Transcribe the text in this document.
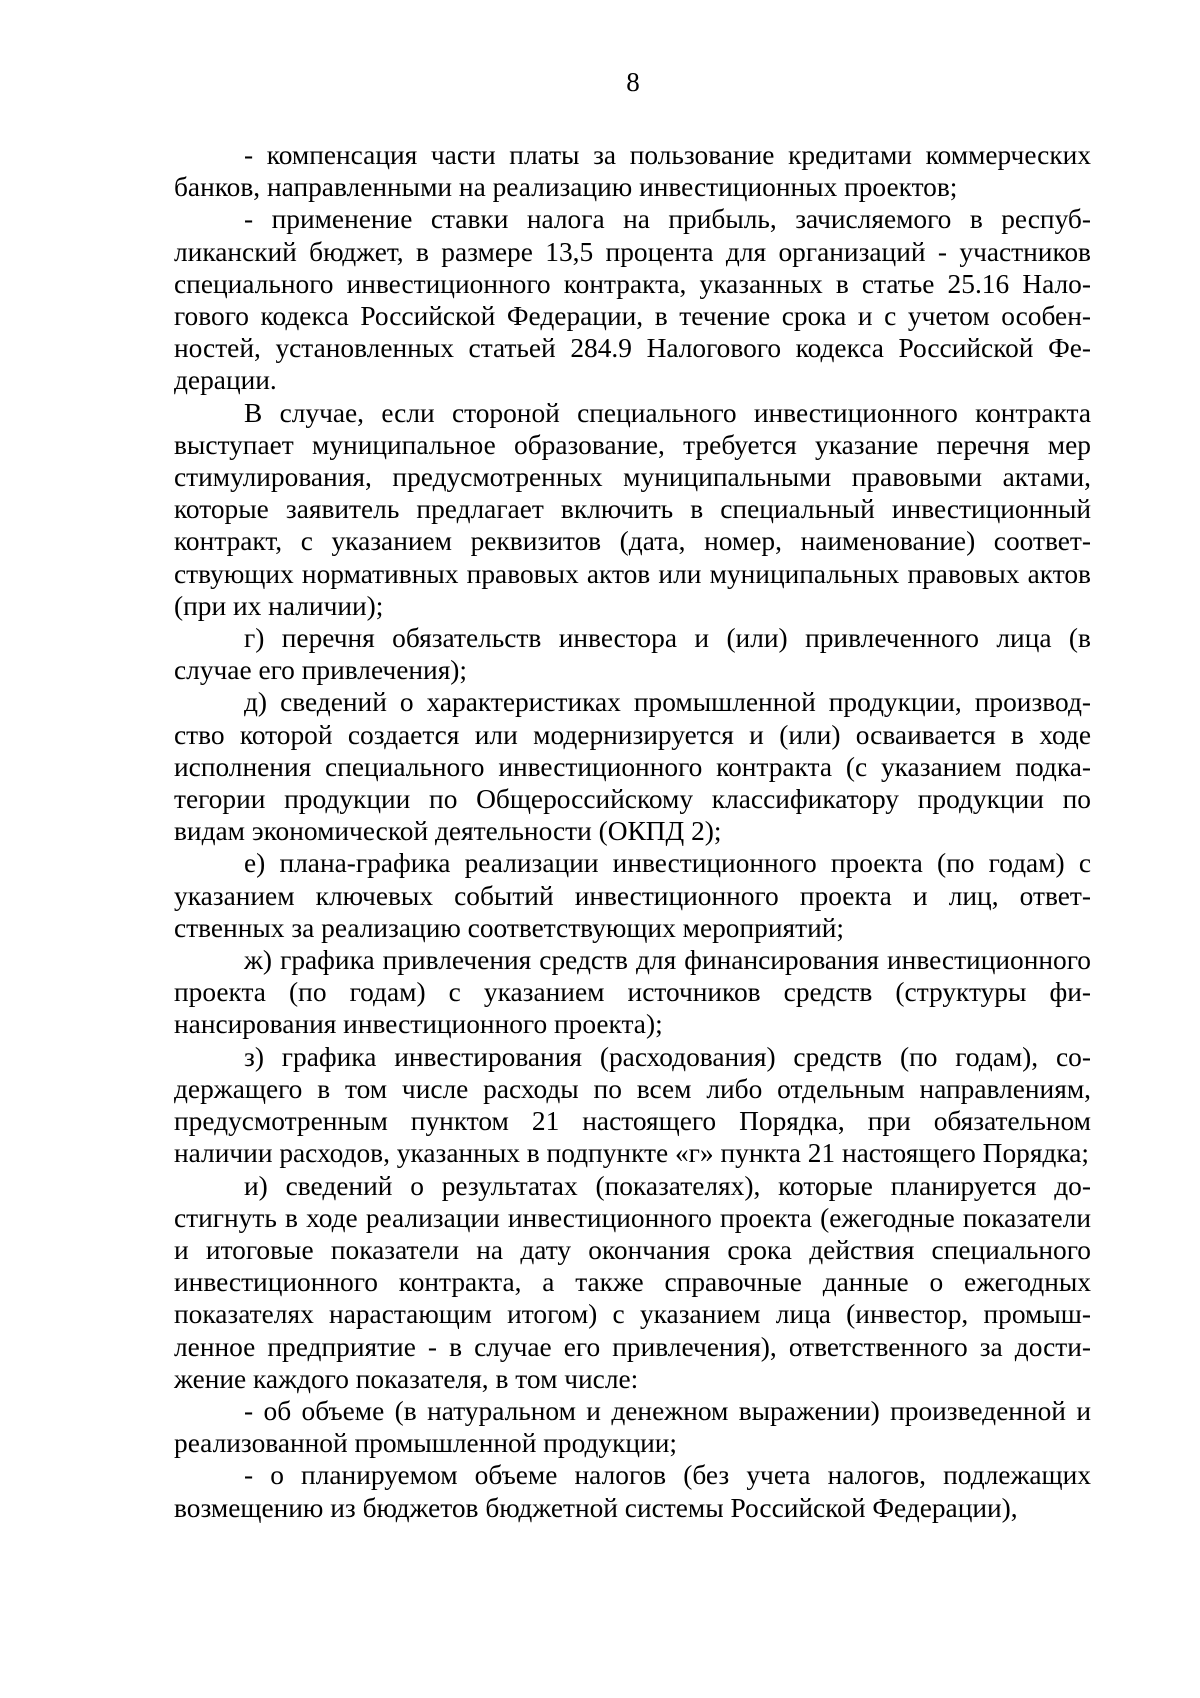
8

- компенсация части платы за пользование кредитами коммерческих банков, направленными на реализацию инвестиционных проектов;

- применение ставки налога на прибыль, зачисляемого в республиканский бюджет, в размере 13,5 процента для организаций - участников специального инвестиционного контракта, указанных в статье 25.16 Налогового кодекса Российской Федерации, в течение срока и с учетом особенностей, установленных статьей 284.9 Налогового кодекса Российской Федерации.

В случае, если стороной специального инвестиционного контракта выступает муниципальное образование, требуется указание перечня мер стимулирования, предусмотренных муниципальными правовыми актами, которые заявитель предлагает включить в специальный инвестиционный контракт, с указанием реквизитов (дата, номер, наименование) соответствующих нормативных правовых актов или муниципальных правовых актов (при их наличии);

г) перечня обязательств инвестора и (или) привлеченного лица (в случае его привлечения);

д) сведений о характеристиках промышленной продукции, производство которой создается или модернизируется и (или) осваивается в ходе исполнения специального инвестиционного контракта (с указанием подкатегории продукции по Общероссийскому классификатору продукции по видам экономической деятельности (ОКПД 2);

е) плана-графика реализации инвестиционного проекта (по годам) с указанием ключевых событий инвестиционного проекта и лиц, ответственных за реализацию соответствующих мероприятий;

ж) графика привлечения средств для финансирования инвестиционного проекта (по годам) с указанием источников средств (структуры финансирования инвестиционного проекта);

з) графика инвестирования (расходования) средств (по годам), содержащего в том числе расходы по всем либо отдельным направлениям, предусмотренным пунктом 21 настоящего Порядка, при обязательном наличии расходов, указанных в подпункте «г» пункта 21 настоящего Порядка;

и) сведений о результатах (показателях), которые планируется достигнуть в ходе реализации инвестиционного проекта (ежегодные показатели и итоговые показатели на дату окончания срока действия специального инвестиционного контракта, а также справочные данные о ежегодных показателях нарастающим итогом) с указанием лица (инвестор, промышленное предприятие - в случае его привлечения), ответственного за достижение каждого показателя, в том числе:

- об объеме (в натуральном и денежном выражении) произведенной и реализованной промышленной продукции;

- о планируемом объеме налогов (без учета налогов, подлежащих возмещению из бюджетов бюджетной системы Российской Федерации),
